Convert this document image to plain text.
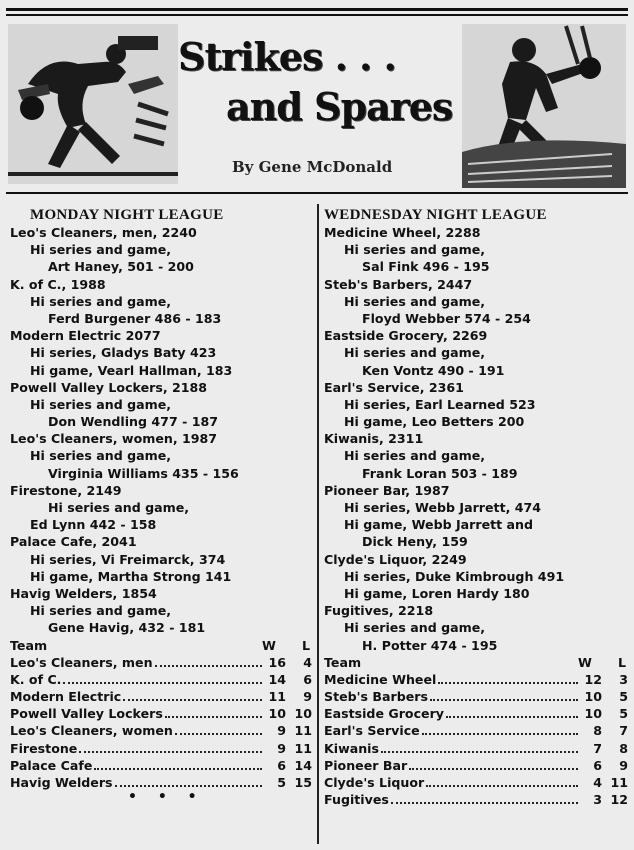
Strikes . . .
and Spares
By Gene McDonald
MONDAY NIGHT LEAGUE
Leo's Cleaners, men, 2240
Hi series and game,
Art Haney, 501 - 200
K. of C., 1988
Hi series and game,
Ferd Burgener 486 - 183
Modern Electric 2077
Hi series, Gladys Baty 423
Hi game, Vearl Hallman, 183
Powell Valley Lockers, 2188
Hi series and game,
Don Wendling 477 - 187
Leo's Cleaners, women, 1987
Hi series and game,
Virginia Williams 435 - 156
Firestone, 2149
Hi series and game,
Ed Lynn 442 - 158
Palace Cafe, 2041
Hi series, Vi Freimarck, 374
Hi game, Martha Strong 141
Havig Welders, 1854
Hi series and game,
Gene Havig, 432 - 181
Team	W L
Leo's Cleaners, men	16	4
K. of C.	14	6
Modern Electric	11	9
Powell Valley Lockers	10 10
Leo's Cleaners, women	9 11
Firestone	9 11
Palace Cafe	6 14
Havig Welders	5 15
• • •
WEDNESDAY NIGHT LEAGUE
Medicine Wheel, 2288
Hi series and game,
Sal Fink 496 - 195
Steb's Barbers, 2447
Hi series and game,
Floyd Webber 574 - 254
Eastside Grocery, 2269
Hi series and game,
Ken Vontz 490 - 191
Earl's Service, 2361
Hi series, Earl Learned 523
Hi game, Leo Betters 200
Kiwanis, 2311
Hi series and game,
Frank Loran 503 - 189
Pioneer Bar, 1987
Hi series, Webb Jarrett, 474
Hi game, Webb Jarrett and
Dick Heny, 159
Clyde's Liquor, 2249
Hi series, Duke Kimbrough 491
Hi game, Loren Hardy 180
Fugitives, 2218
Hi series and game,
H. Potter 474 - 195
Team	W L
Medicine Wheel	12	3
Steb's Barbers	10	5
Eastside Grocery	10	5
Earl's Service	8	7
Kiwanis	7	8
Pioneer Bar	6	9
Clyde's Liquor	4 11
Fugitives	3 12
